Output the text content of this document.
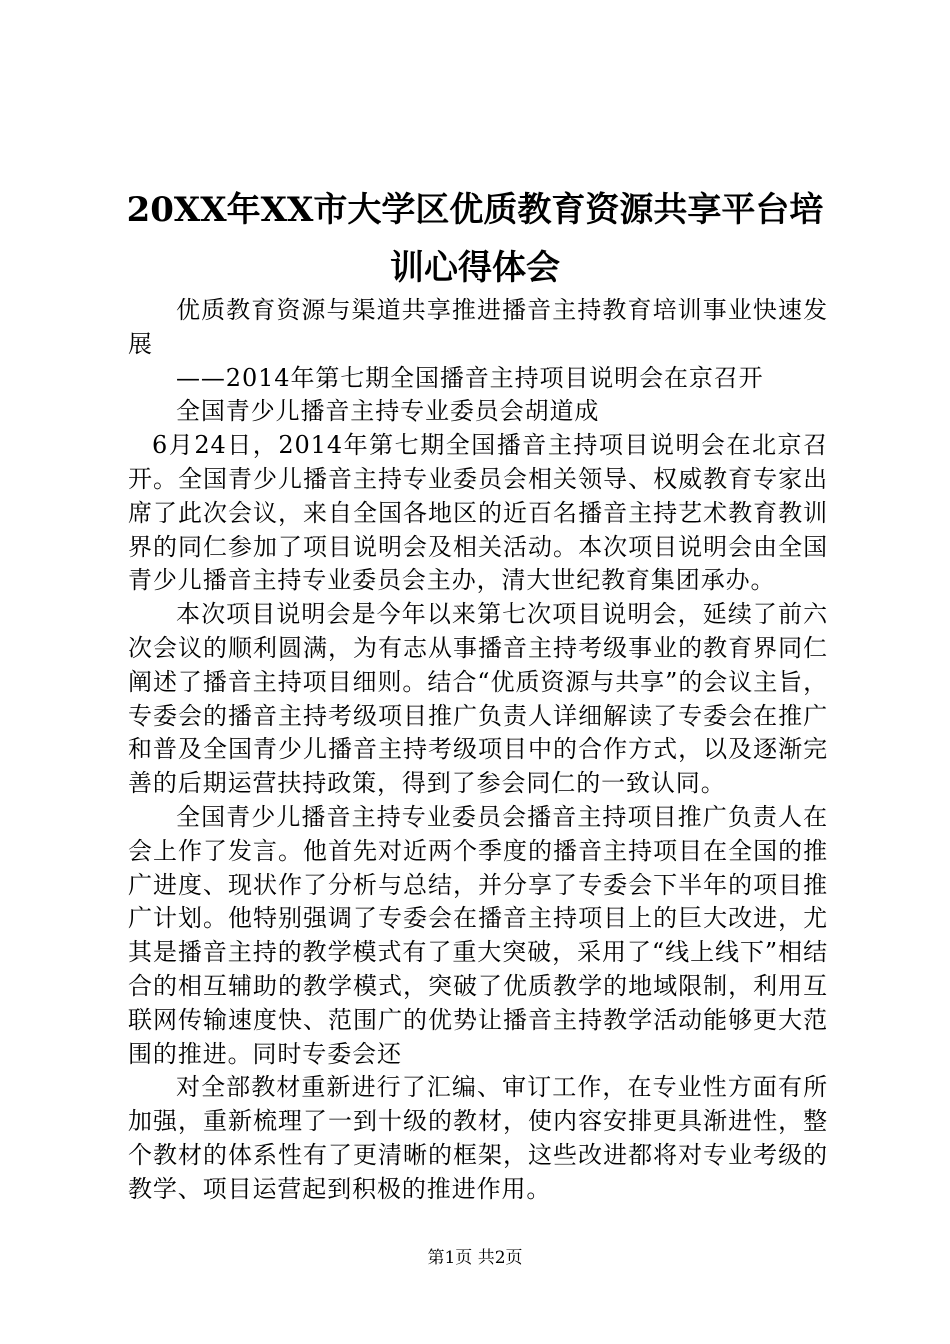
20XX年XX市大学区优质教育资源共享平台培
训心得体会

优质教育资源与渠道共享推进播音主持教育培训事业快速发展

——2014年第七期全国播音主持项目说明会在京召开

全国青少儿播音主持专业委员会胡道成

6月24日，2014年第七期全国播音主持项目说明会在北京召开。全国青少儿播音主持专业委员会相关领导、权威教育专家出席了此次会议，来自全国各地区的近百名播音主持艺术教育教训界的同仁参加了项目说明会及相关活动。本次项目说明会由全国青少儿播音主持专业委员会主办，清大世纪教育集团承办。

本次项目说明会是今年以来第七次项目说明会，延续了前六次会议的顺利圆满，为有志从事播音主持考级事业的教育界同仁阐述了播音主持项目细则。结合“优质资源与共享”的会议主旨，专委会的播音主持考级项目推广负责人详细解读了专委会在推广和普及全国青少儿播音主持考级项目中的合作方式，以及逐渐完善的后期运营扶持政策，得到了参会同仁的一致认同。

全国青少儿播音主持专业委员会播音主持项目推广负责人在会上作了发言。他首先对近两个季度的播音主持项目在全国的推广进度、现状作了分析与总结，并分享了专委会下半年的项目推广计划。他特别强调了专委会在播音主持项目上的巨大改进，尤其是播音主持的教学模式有了重大突破，采用了“线上线下”相结合的相互辅助的教学模式，突破了优质教学的地域限制，利用互联网传输速度快、范围广的优势让播音主持教学活动能够更大范围的推进。同时专委会还

对全部教材重新进行了汇编、审订工作，在专业性方面有所加强，重新梳理了一到十级的教材，使内容安排更具渐进性，整个教材的体系性有了更清晰的框架，这些改进都将对专业考级的教学、项目运营起到积极的推进作用。

第1页 共2页
